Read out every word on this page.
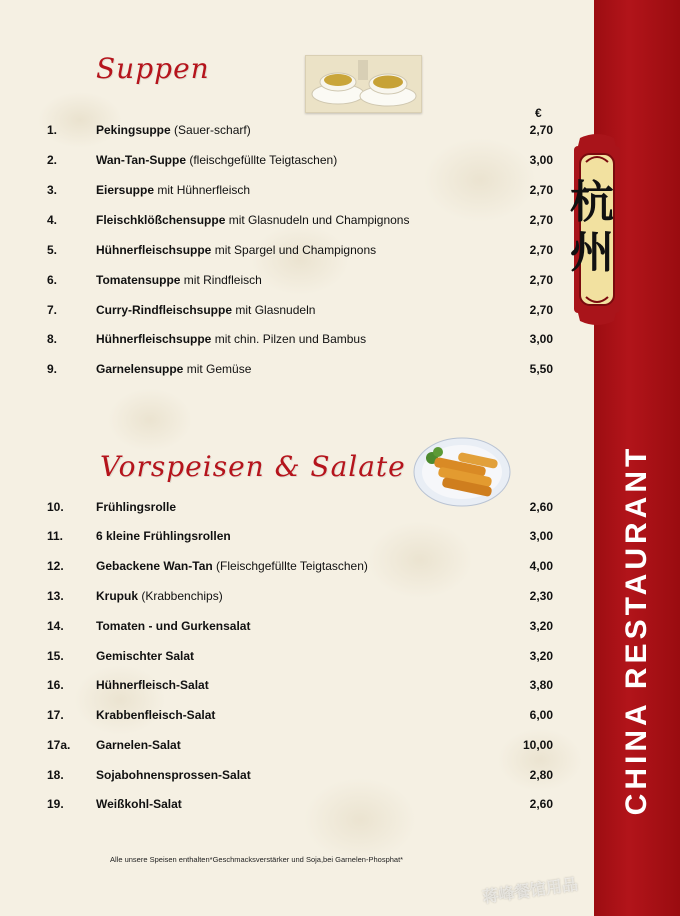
杭
州
CHINA RESTAURANT
Suppen
€
1.	Pekingsuppe (Sauer-scharf)	2,70
2.	Wan-Tan-Suppe (fleischgefüllte Teigtaschen)	3,00
3.	Eiersuppe mit Hühnerfleisch	2,70
4.	Fleischklößchensuppe mit Glasnudeln und Champignons	2,70
5.	Hühnerfleischsuppe mit Spargel und Champignons	2,70
6.	Tomatensuppe mit Rindfleisch	2,70
7.	Curry-Rindfleischsuppe mit Glasnudeln	2,70
8.	Hühnerfleischsuppe mit chin. Pilzen und Bambus	3,00
9.	Garnelensuppe mit Gemüse	5,50
Vorspeisen & Salate
10.	Frühlingsrolle	2,60
11.	6 kleine Frühlingsrollen	3,00
12.	Gebackene Wan-Tan (Fleischgefüllte Teigtaschen)	4,00
13.	Krupuk (Krabbenchips)	2,30
14.	Tomaten - und Gurkensalat	3,20
15.	Gemischter Salat	3,20
16.	Hühnerfleisch-Salat	3,80
17.	Krabbenfleisch-Salat	6,00
17a. Garnelen-Salat	10,00
18.	Sojabohnensprossen-Salat	2,80
19.	Weißkohl-Salat	2,60
Alle unsere Speisen enthalten*Geschmacksverstärker und Soja,bei Garnelen-Phosphat*
蒋峰餐馆用品
